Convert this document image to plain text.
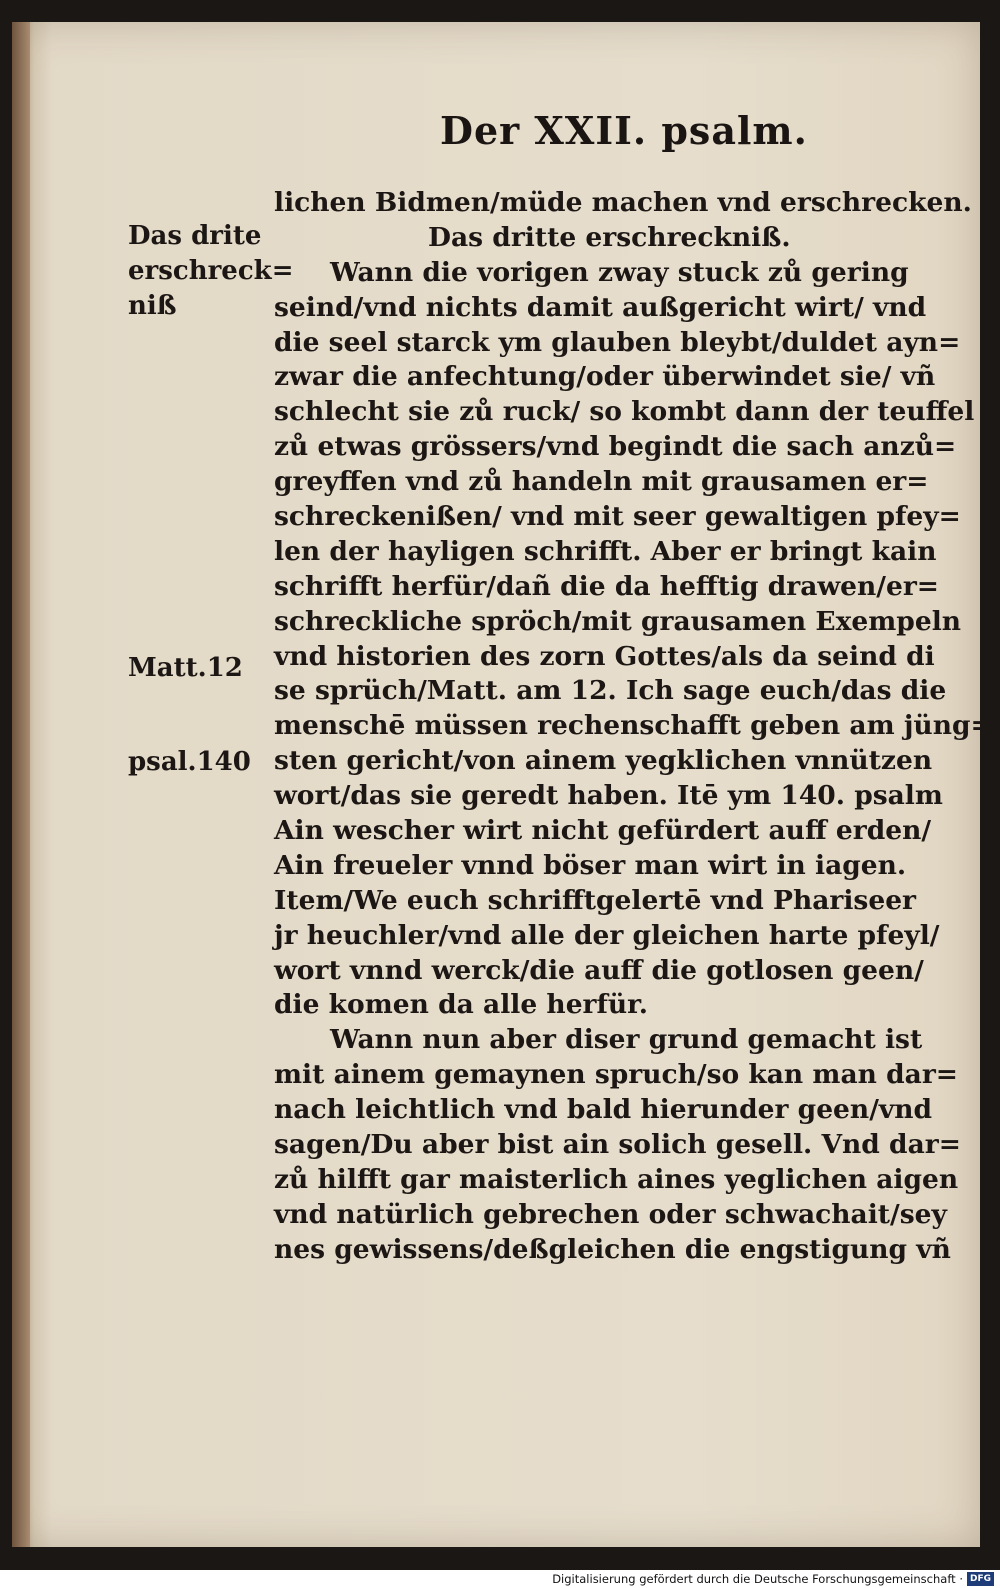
Der XXII. psalm.
Das drite
erschreck=
niß
Matt.12
psal.140
lichen Bidmen/müde machen vnd erschrecken.
Das dritte erschreckniß.
Wann die vorigen zway stuck zů gering
seind/vnd nichts damit außgericht wirt/ vnd
die seel starck ym glauben bleybt/duldet ayn=
zwar die anfechtung/oder überwindet sie/ vñ
schlecht sie zů ruck/ so kombt dann der teuffel
zů etwas grössers/vnd begindt die sach anzů=
greyffen vnd zů handeln mit grausamen er=
schreckenißen/ vnd mit seer gewaltigen pfey=
len der hayligen schrifft. Aber er bringt kain
schrifft herfür/dañ die da hefftig drawen/er=
schreckliche spröch/mit grausamen Exempeln
vnd historien des zorn Gottes/als da seind di
se sprüch/Matt. am 12. Ich sage euch/das die
menschē müssen rechenschafft geben am jüng=
sten gericht/von ainem yegklichen vnnützen
wort/das sie geredt haben. Itē ym 140. psalm
Ain wescher wirt nicht gefürdert auff erden/
Ain freueler vnnd böser man wirt in iagen.
Item/We euch schrifftgelertē vnd Phariseer
jr heuchler/vnd alle der gleichen harte pfeyl/
wort vnnd werck/die auff die gotlosen geen/
die komen da alle herfür.
Wann nun aber diser grund gemacht ist
mit ainem gemaynen spruch/so kan man dar=
nach leichtlich vnd bald hierunder geen/vnd
sagen/Du aber bist ain solich gesell. Vnd dar=
zů hilfft gar maisterlich aines yeglichen aigen
vnd natürlich gebrechen oder schwachait/sey
nes gewissens/deßgleichen die engstigung vñ
Digitalisierung gefördert durch die Deutsche Forschungsgemeinschaft · DFG
